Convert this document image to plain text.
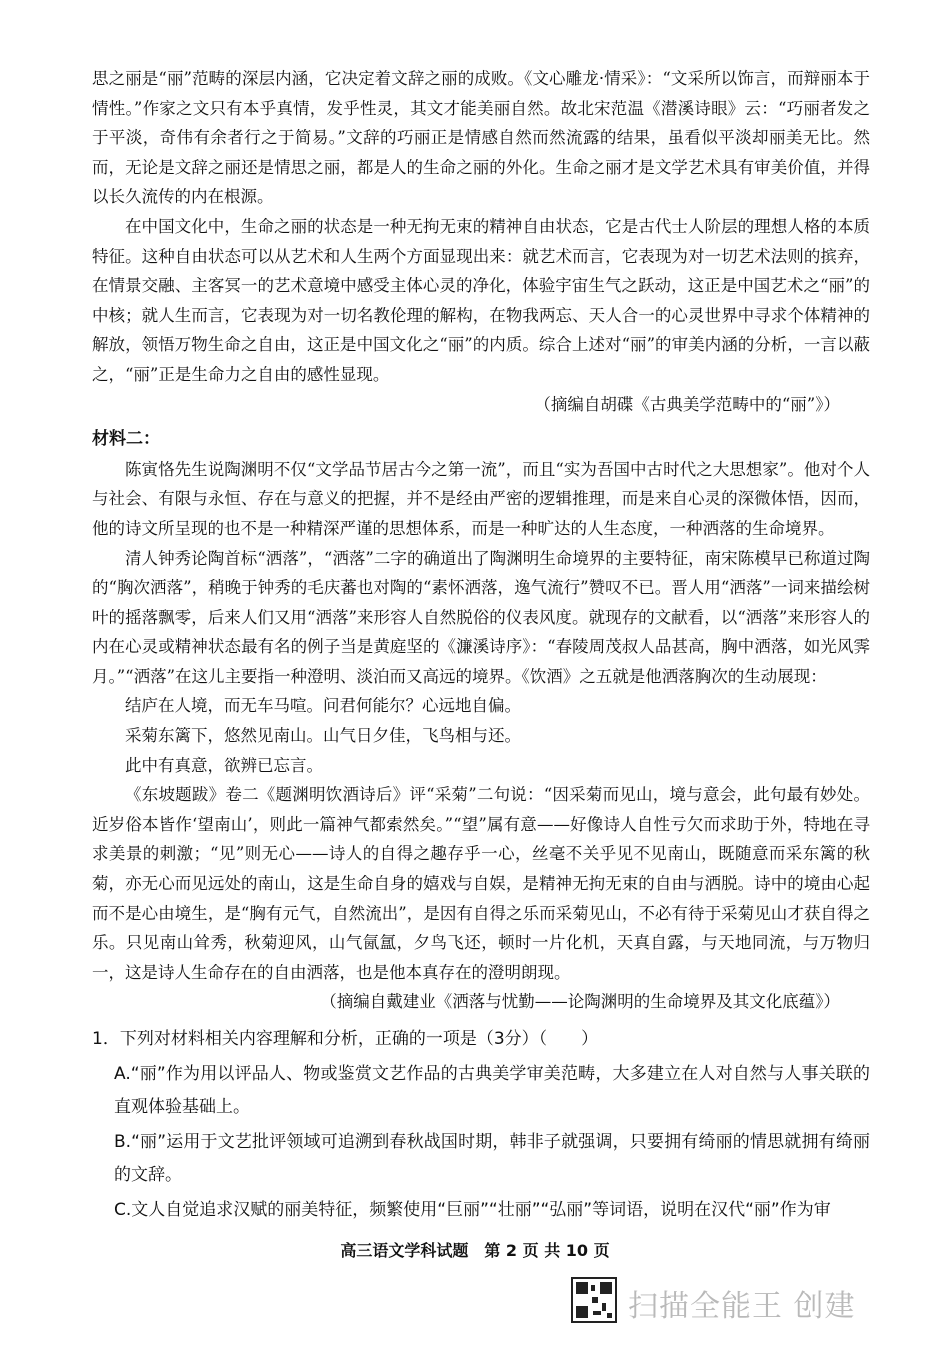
思之丽是“丽”范畴的深层内涵，它决定着文辞之丽的成败。《文心雕龙·情采》：“文采所以饰言，而辩丽本于情性。”作家之文只有本乎真情，发乎性灵，其文才能美丽自然。故北宋范温《潜溪诗眼》云：“巧丽者发之于平淡，奇伟有余者行之于简易。”文辞的巧丽正是情感自然而然流露的结果，虽看似平淡却丽美无比。然而，无论是文辞之丽还是情思之丽，都是人的生命之丽的外化。生命之丽才是文学艺术具有审美价值，并得以长久流传的内在根源。

在中国文化中，生命之丽的状态是一种无拘无束的精神自由状态，它是古代士人阶层的理想人格的本质特征。这种自由状态可以从艺术和人生两个方面显现出来：就艺术而言，它表现为对一切艺术法则的摈弃，在情景交融、主客冥一的艺术意境中感受主体心灵的净化，体验宇宙生气之跃动，这正是中国艺术之“丽”的中核；就人生而言，它表现为对一切名教伦理的解构，在物我两忘、天人合一的心灵世界中寻求个体精神的解放，领悟万物生命之自由，这正是中国文化之“丽”的内质。综合上述对“丽”的审美内涵的分析，一言以蔽之，“丽”正是生命力之自由的感性显现。

（摘编自胡碟《古典美学范畴中的“丽”》）

材料二：

陈寅恪先生说陶渊明不仅“文学品节居古今之第一流”，而且“实为吾国中古时代之大思想家”。他对个人与社会、有限与永恒、存在与意义的把握，并不是经由严密的逻辑推理，而是来自心灵的深微体悟，因而，他的诗文所呈现的也不是一种精深严谨的思想体系，而是一种旷达的人生态度，一种洒落的生命境界。

清人钟秀论陶首标“洒落”，“洒落”二字的确道出了陶渊明生命境界的主要特征，南宋陈模早已称道过陶的“胸次洒落”，稍晚于钟秀的毛庆蕃也对陶的“素怀洒落，逸气流行”赞叹不已。晋人用“洒落”一词来描绘树叶的摇落飘零，后来人们又用“洒落”来形容人自然脱俗的仪表风度。就现存的文献看，以“洒落”来形容人的内在心灵或精神状态最有名的例子当是黄庭坚的《濂溪诗序》：“春陵周茂叔人品甚高，胸中洒落，如光风霁月。”“洒落”在这儿主要指一种澄明、淡泊而又高远的境界。《饮酒》之五就是他洒落胸次的生动展现：

结庐在人境，而无车马喧。问君何能尔？心远地自偏。

采菊东篱下，悠然见南山。山气日夕佳，飞鸟相与还。

此中有真意，欲辨已忘言。

《东坡题跋》卷二《题渊明饮酒诗后》评“采菊”二句说：“因采菊而见山，境与意会，此句最有妙处。近岁俗本皆作‘望南山’，则此一篇神气都索然矣。”“望”属有意——好像诗人自性亏欠而求助于外，特地在寻求美景的刺激；“见”则无心——诗人的自得之趣存乎一心，丝毫不关乎见不见南山，既随意而采东篱的秋菊，亦无心而见远处的南山，这是生命自身的嬉戏与自娱，是精神无拘无束的自由与洒脱。诗中的境由心起而不是心由境生，是“胸有元气，自然流出”，是因有自得之乐而采菊见山，不必有待于采菊见山才获自得之乐。只见南山耸秀，秋菊迎风，山气氤氲，夕鸟飞还，顿时一片化机，天真自露，与天地同流，与万物归一，这是诗人生命存在的自由洒落，也是他本真存在的澄明朗现。

（摘编自戴建业《洒落与忧勤——论陶渊明的生命境界及其文化底蕴》）

1．下列对材料相关内容理解和分析，正确的一项是（3分）（　　）

A.“丽”作为用以评品人、物或鉴赏文艺作品的古典美学审美范畴，大多建立在人对自然与人事关联的直观体验基础上。

B.“丽”运用于文艺批评领域可追溯到春秋战国时期，韩非子就强调，只要拥有绮丽的情思就拥有绮丽的文辞。

C.文人自觉追求汉赋的丽美特征，频繁使用“巨丽”“壮丽”“弘丽”等词语，说明在汉代“丽”作为审

高三语文学科试题　第 2 页 共 10 页
扫描全能王 创建
